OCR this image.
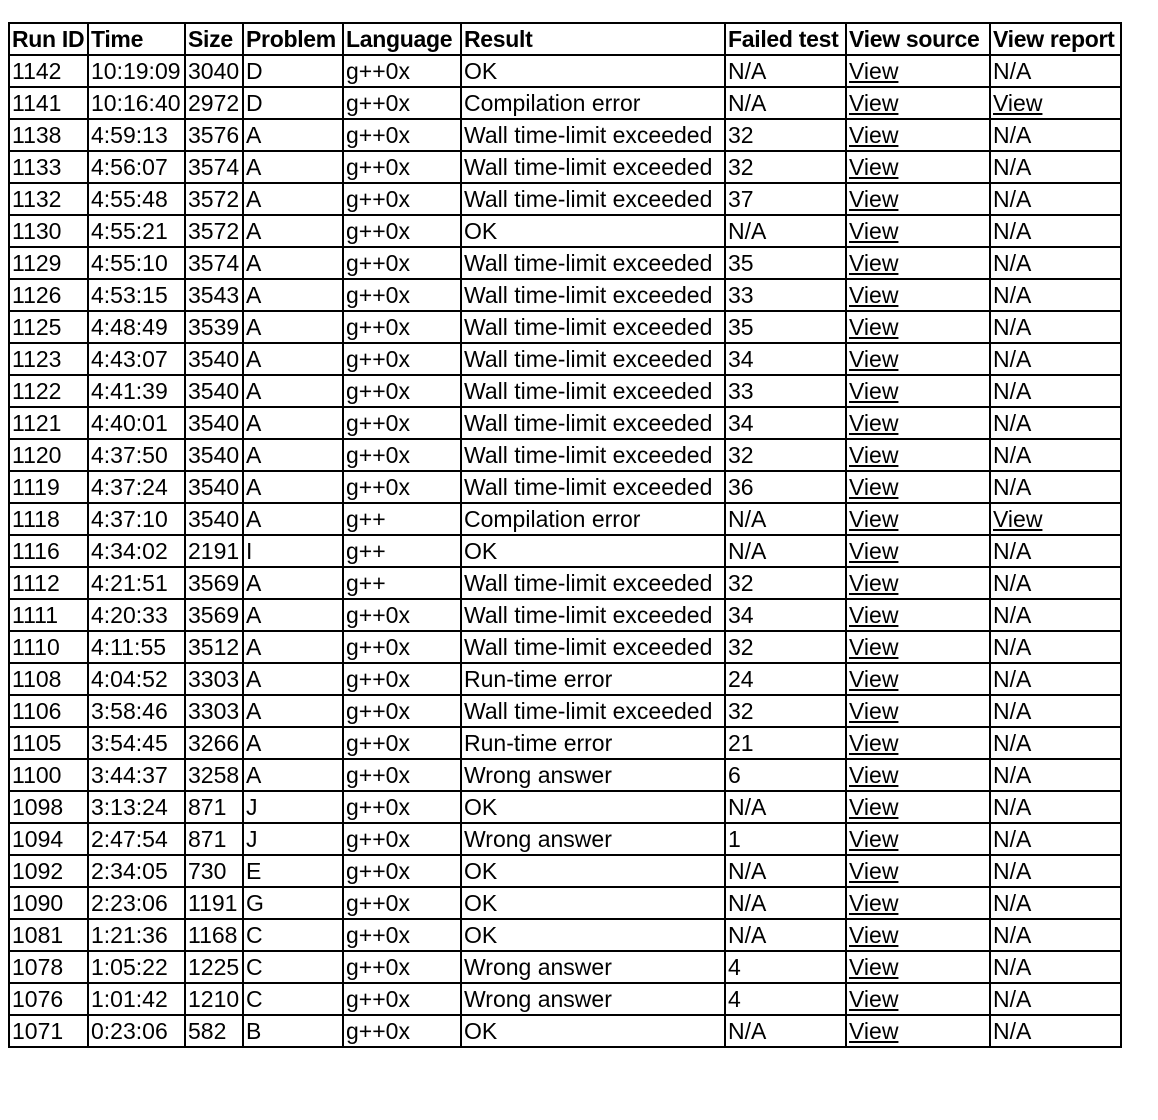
Run ID	Time	Size	Problem	Language	Result	Failed test	View source	View report
1142	10:19:09	3040	D	g++0x	OK	N/A	View	N/A
1141	10:16:40	2972	D	g++0x	Compilation error	N/A	View	View
1138	4:59:13	3576	A	g++0x	Wall time-limit exceeded	32	View	N/A
1133	4:56:07	3574	A	g++0x	Wall time-limit exceeded	32	View	N/A
1132	4:55:48	3572	A	g++0x	Wall time-limit exceeded	37	View	N/A
1130	4:55:21	3572	A	g++0x	OK	N/A	View	N/A
1129	4:55:10	3574	A	g++0x	Wall time-limit exceeded	35	View	N/A
1126	4:53:15	3543	A	g++0x	Wall time-limit exceeded	33	View	N/A
1125	4:48:49	3539	A	g++0x	Wall time-limit exceeded	35	View	N/A
1123	4:43:07	3540	A	g++0x	Wall time-limit exceeded	34	View	N/A
1122	4:41:39	3540	A	g++0x	Wall time-limit exceeded	33	View	N/A
1121	4:40:01	3540	A	g++0x	Wall time-limit exceeded	34	View	N/A
1120	4:37:50	3540	A	g++0x	Wall time-limit exceeded	32	View	N/A
1119	4:37:24	3540	A	g++0x	Wall time-limit exceeded	36	View	N/A
1118	4:37:10	3540	A	g++	Compilation error	N/A	View	View
1116	4:34:02	2191	I	g++	OK	N/A	View	N/A
1112	4:21:51	3569	A	g++	Wall time-limit exceeded	32	View	N/A
1111	4:20:33	3569	A	g++0x	Wall time-limit exceeded	34	View	N/A
1110	4:11:55	3512	A	g++0x	Wall time-limit exceeded	32	View	N/A
1108	4:04:52	3303	A	g++0x	Run-time error	24	View	N/A
1106	3:58:46	3303	A	g++0x	Wall time-limit exceeded	32	View	N/A
1105	3:54:45	3266	A	g++0x	Run-time error	21	View	N/A
1100	3:44:37	3258	A	g++0x	Wrong answer	6	View	N/A
1098	3:13:24	871	J	g++0x	OK	N/A	View	N/A
1094	2:47:54	871	J	g++0x	Wrong answer	1	View	N/A
1092	2:34:05	730	E	g++0x	OK	N/A	View	N/A
1090	2:23:06	1191	G	g++0x	OK	N/A	View	N/A
1081	1:21:36	1168	C	g++0x	OK	N/A	View	N/A
1078	1:05:22	1225	C	g++0x	Wrong answer	4	View	N/A
1076	1:01:42	1210	C	g++0x	Wrong answer	4	View	N/A
1071	0:23:06	582	B	g++0x	OK	N/A	View	N/A
